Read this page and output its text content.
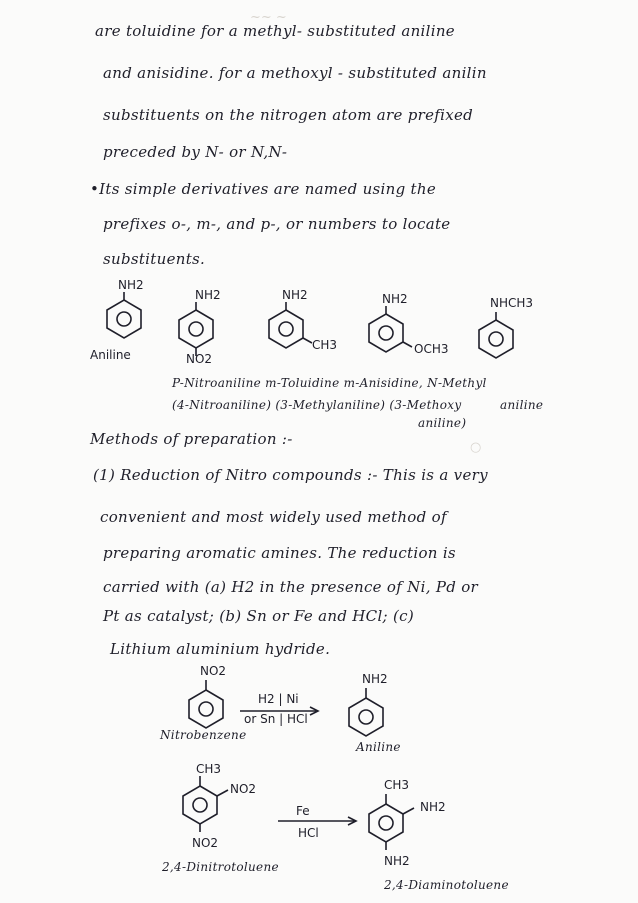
~~ ~
○
are toluidine for a methyl- substituted aniline
and anisidine. for a methoxyl - substituted anilin
substituents on the nitrogen atom are prefixed
preceded by N- or N,N-
•Its simple derivatives are named using the
prefixes o-, m-, and p-, or numbers to locate
substituents.
NH2
Aniline
NH2
NO2
NH2
CH3
NH2
OCH3
NHCH3
P-Nitroaniline m-Toluidine m-Anisidine, N-Methyl
(4-Nitroaniline) (3-Methylaniline) (3-Methoxy	aniline
aniline)
Methods of preparation :-
(1) Reduction of Nitro compounds :- This is a very
convenient and most widely used method of
preparing aromatic amines. The reduction is
carried with (a) H2 in the presence of Ni, Pd or
Pt as catalyst; (b) Sn or Fe and HCl; (c)
Lithium aluminium hydride.
NO2
H2 | Ni
or Sn | HCl
NH2
Nitrobenzene
Aniline
CH3
NO2
NO2
Fe
HCl
CH3
NH2
NH2
2,4-Dinitrotoluene
2,4-Diaminotoluene
